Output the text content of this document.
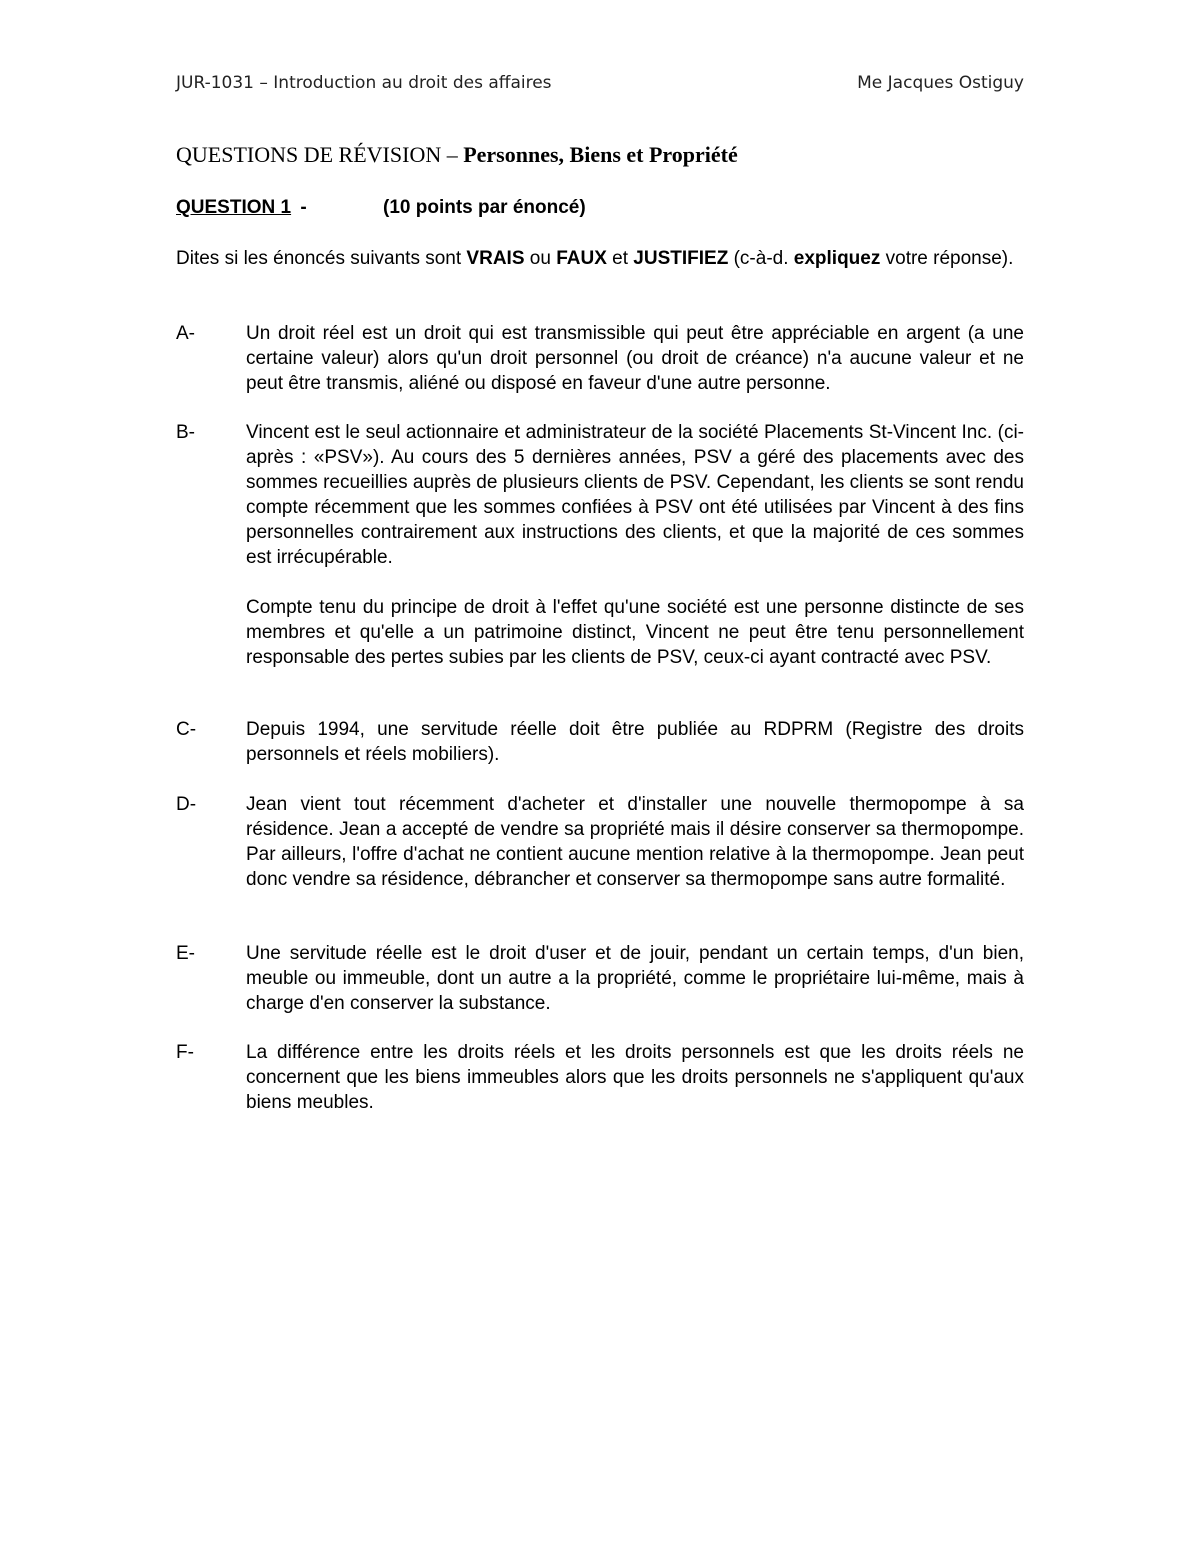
JUR-1031 – Introduction au droit des affaires	Me Jacques Ostiguy
QUESTIONS DE RÉVISION – Personnes, Biens et Propriété
QUESTION 1 -	(10 points par énoncé)
Dites si les énoncés suivants sont VRAIS ou FAUX et JUSTIFIEZ (c-à-d. expliquez votre réponse).
A-	Un droit réel est un droit qui est transmissible qui peut être appréciable en argent (a une certaine valeur) alors qu'un droit personnel (ou droit de créance) n'a aucune valeur et ne peut être transmis, aliéné ou disposé en faveur d'une autre personne.
B-	Vincent est le seul actionnaire et administrateur de la société Placements St-Vincent Inc. (ci-après : «PSV»). Au cours des 5 dernières années, PSV a géré des placements avec des sommes recueillies auprès de plusieurs clients de PSV. Cependant, les clients se sont rendu compte récemment que les sommes confiées à PSV ont été utilisées par Vincent à des fins personnelles contrairement aux instructions des clients, et que la majorité de ces sommes est irrécupérable.
Compte tenu du principe de droit à l'effet qu'une société est une personne distincte de ses membres et qu'elle a un patrimoine distinct, Vincent ne peut être tenu personnellement responsable des pertes subies par les clients de PSV, ceux-ci ayant contracté avec PSV.
C-	Depuis 1994, une servitude réelle doit être publiée au RDPRM (Registre des droits personnels et réels mobiliers).
D-	Jean vient tout récemment d'acheter et d'installer une nouvelle thermopompe à sa résidence. Jean a accepté de vendre sa propriété mais il désire conserver sa thermopompe. Par ailleurs, l'offre d'achat ne contient aucune mention relative à la thermopompe. Jean peut donc vendre sa résidence, débrancher et conserver sa thermopompe sans autre formalité.
E-	Une servitude réelle est le droit d'user et de jouir, pendant un certain temps, d'un bien, meuble ou immeuble, dont un autre a la propriété, comme le propriétaire lui-même, mais à charge d'en conserver la substance.
F-	La différence entre les droits réels et les droits personnels est que les droits réels ne concernent que les biens immeubles alors que les droits personnels ne s'appliquent qu'aux biens meubles.
